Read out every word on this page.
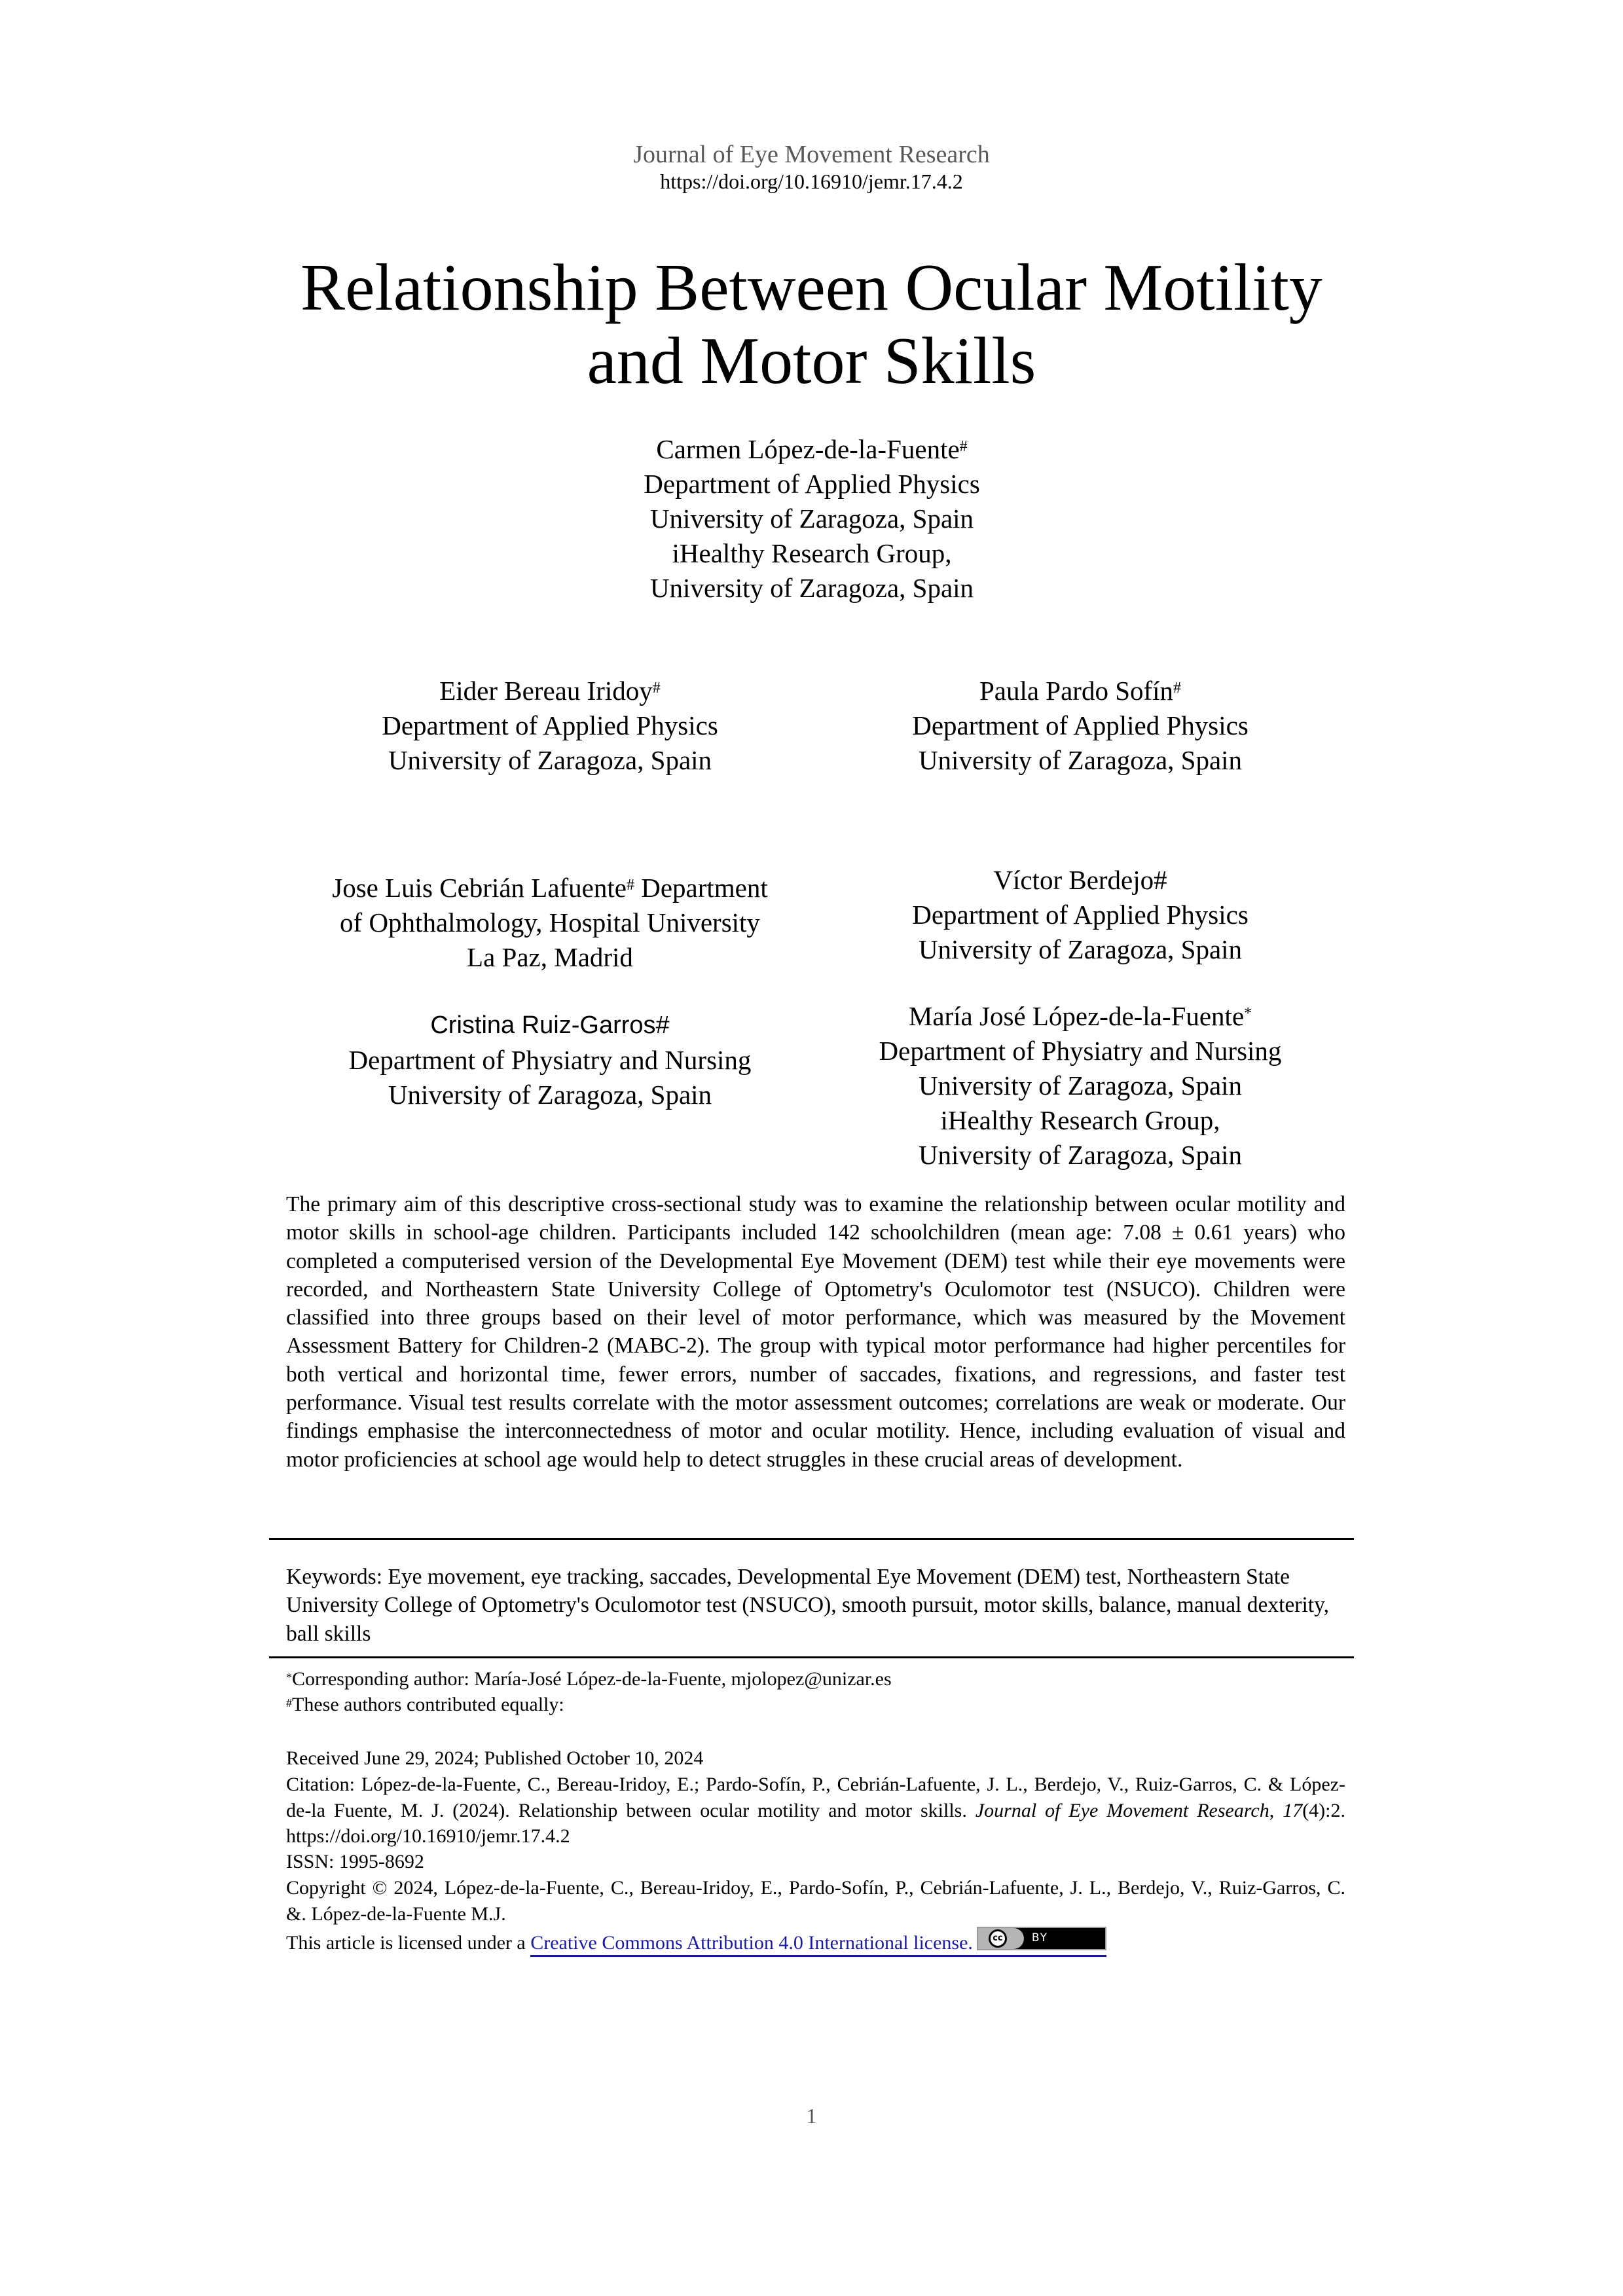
Journal of Eye Movement Research
https://doi.org/10.16910/jemr.17.4.2
Relationship Between Ocular Motility
and Motor Skills
Carmen López-de-la-Fuente#
Department of Applied Physics
University of Zaragoza, Spain
iHealthy Research Group,
University of Zaragoza, Spain
Eider Bereau Iridoy#
Department of Applied Physics
University of Zaragoza, Spain
Paula Pardo Sofín#
Department of Applied Physics
University of Zaragoza, Spain
Jose Luis Cebrián Lafuente# Department
of Ophthalmology, Hospital University
La Paz, Madrid
Víctor Berdejo#
Department of Applied Physics
University of Zaragoza, Spain
Cristina Ruiz-Garros#
Department of Physiatry and Nursing
University of Zaragoza, Spain
María José López-de-la-Fuente*
Department of Physiatry and Nursing
University of Zaragoza, Spain
iHealthy Research Group,
University of Zaragoza, Spain
The primary aim of this descriptive cross-sectional study was to examine the relationship between ocular motility and motor skills in school-age children. Participants included 142 schoolchildren (mean age: 7.08 ± 0.61 years) who completed a computerised version of the Developmental Eye Movement (DEM) test while their eye movements were recorded, and Northeastern State University College of Optometry's Oculomotor test (NSUCO). Children were classified into three groups based on their level of motor performance, which was measured by the Movement Assessment Battery for Children-2 (MABC-2). The group with typical motor performance had higher percentiles for both vertical and horizontal time, fewer errors, number of saccades, fixations, and regressions, and faster test performance. Visual test results correlate with the motor assessment outcomes; correlations are weak or moderate. Our findings emphasise the interconnectedness of motor and ocular motility. Hence, including evaluation of visual and motor proficiencies at school age would help to detect struggles in these crucial areas of development.
Keywords: Eye movement, eye tracking, saccades, Developmental Eye Movement (DEM) test, Northeastern State University College of Optometry's Oculomotor test (NSUCO), smooth pursuit, motor skills, balance, manual dexterity, ball skills
*Corresponding author: María-José López-de-la-Fuente, mjolopez@unizar.es
#These authors contributed equally:
Received June 29, 2024; Published October 10, 2024
Citation: López-de-la-Fuente, C., Bereau-Iridoy, E.; Pardo-Sofín, P., Cebrián-Lafuente, J. L., Berdejo, V., Ruiz-Garros, C. & López-de-la Fuente, M. J. (2024). Relationship between ocular motility and motor skills. Journal of Eye Movement Research, 17(4):2. https://doi.org/10.16910/jemr.17.4.2
ISSN: 1995-8692
Copyright © 2024, López-de-la-Fuente, C., Bereau-Iridoy, E., Pardo-Sofín, P., Cebrián-Lafuente, J. L., Berdejo, V., Ruiz-Garros, C. &. López-de-la-Fuente M.J.
This article is licensed under a Creative Commons Attribution 4.0 International license.	cc	BY
1
